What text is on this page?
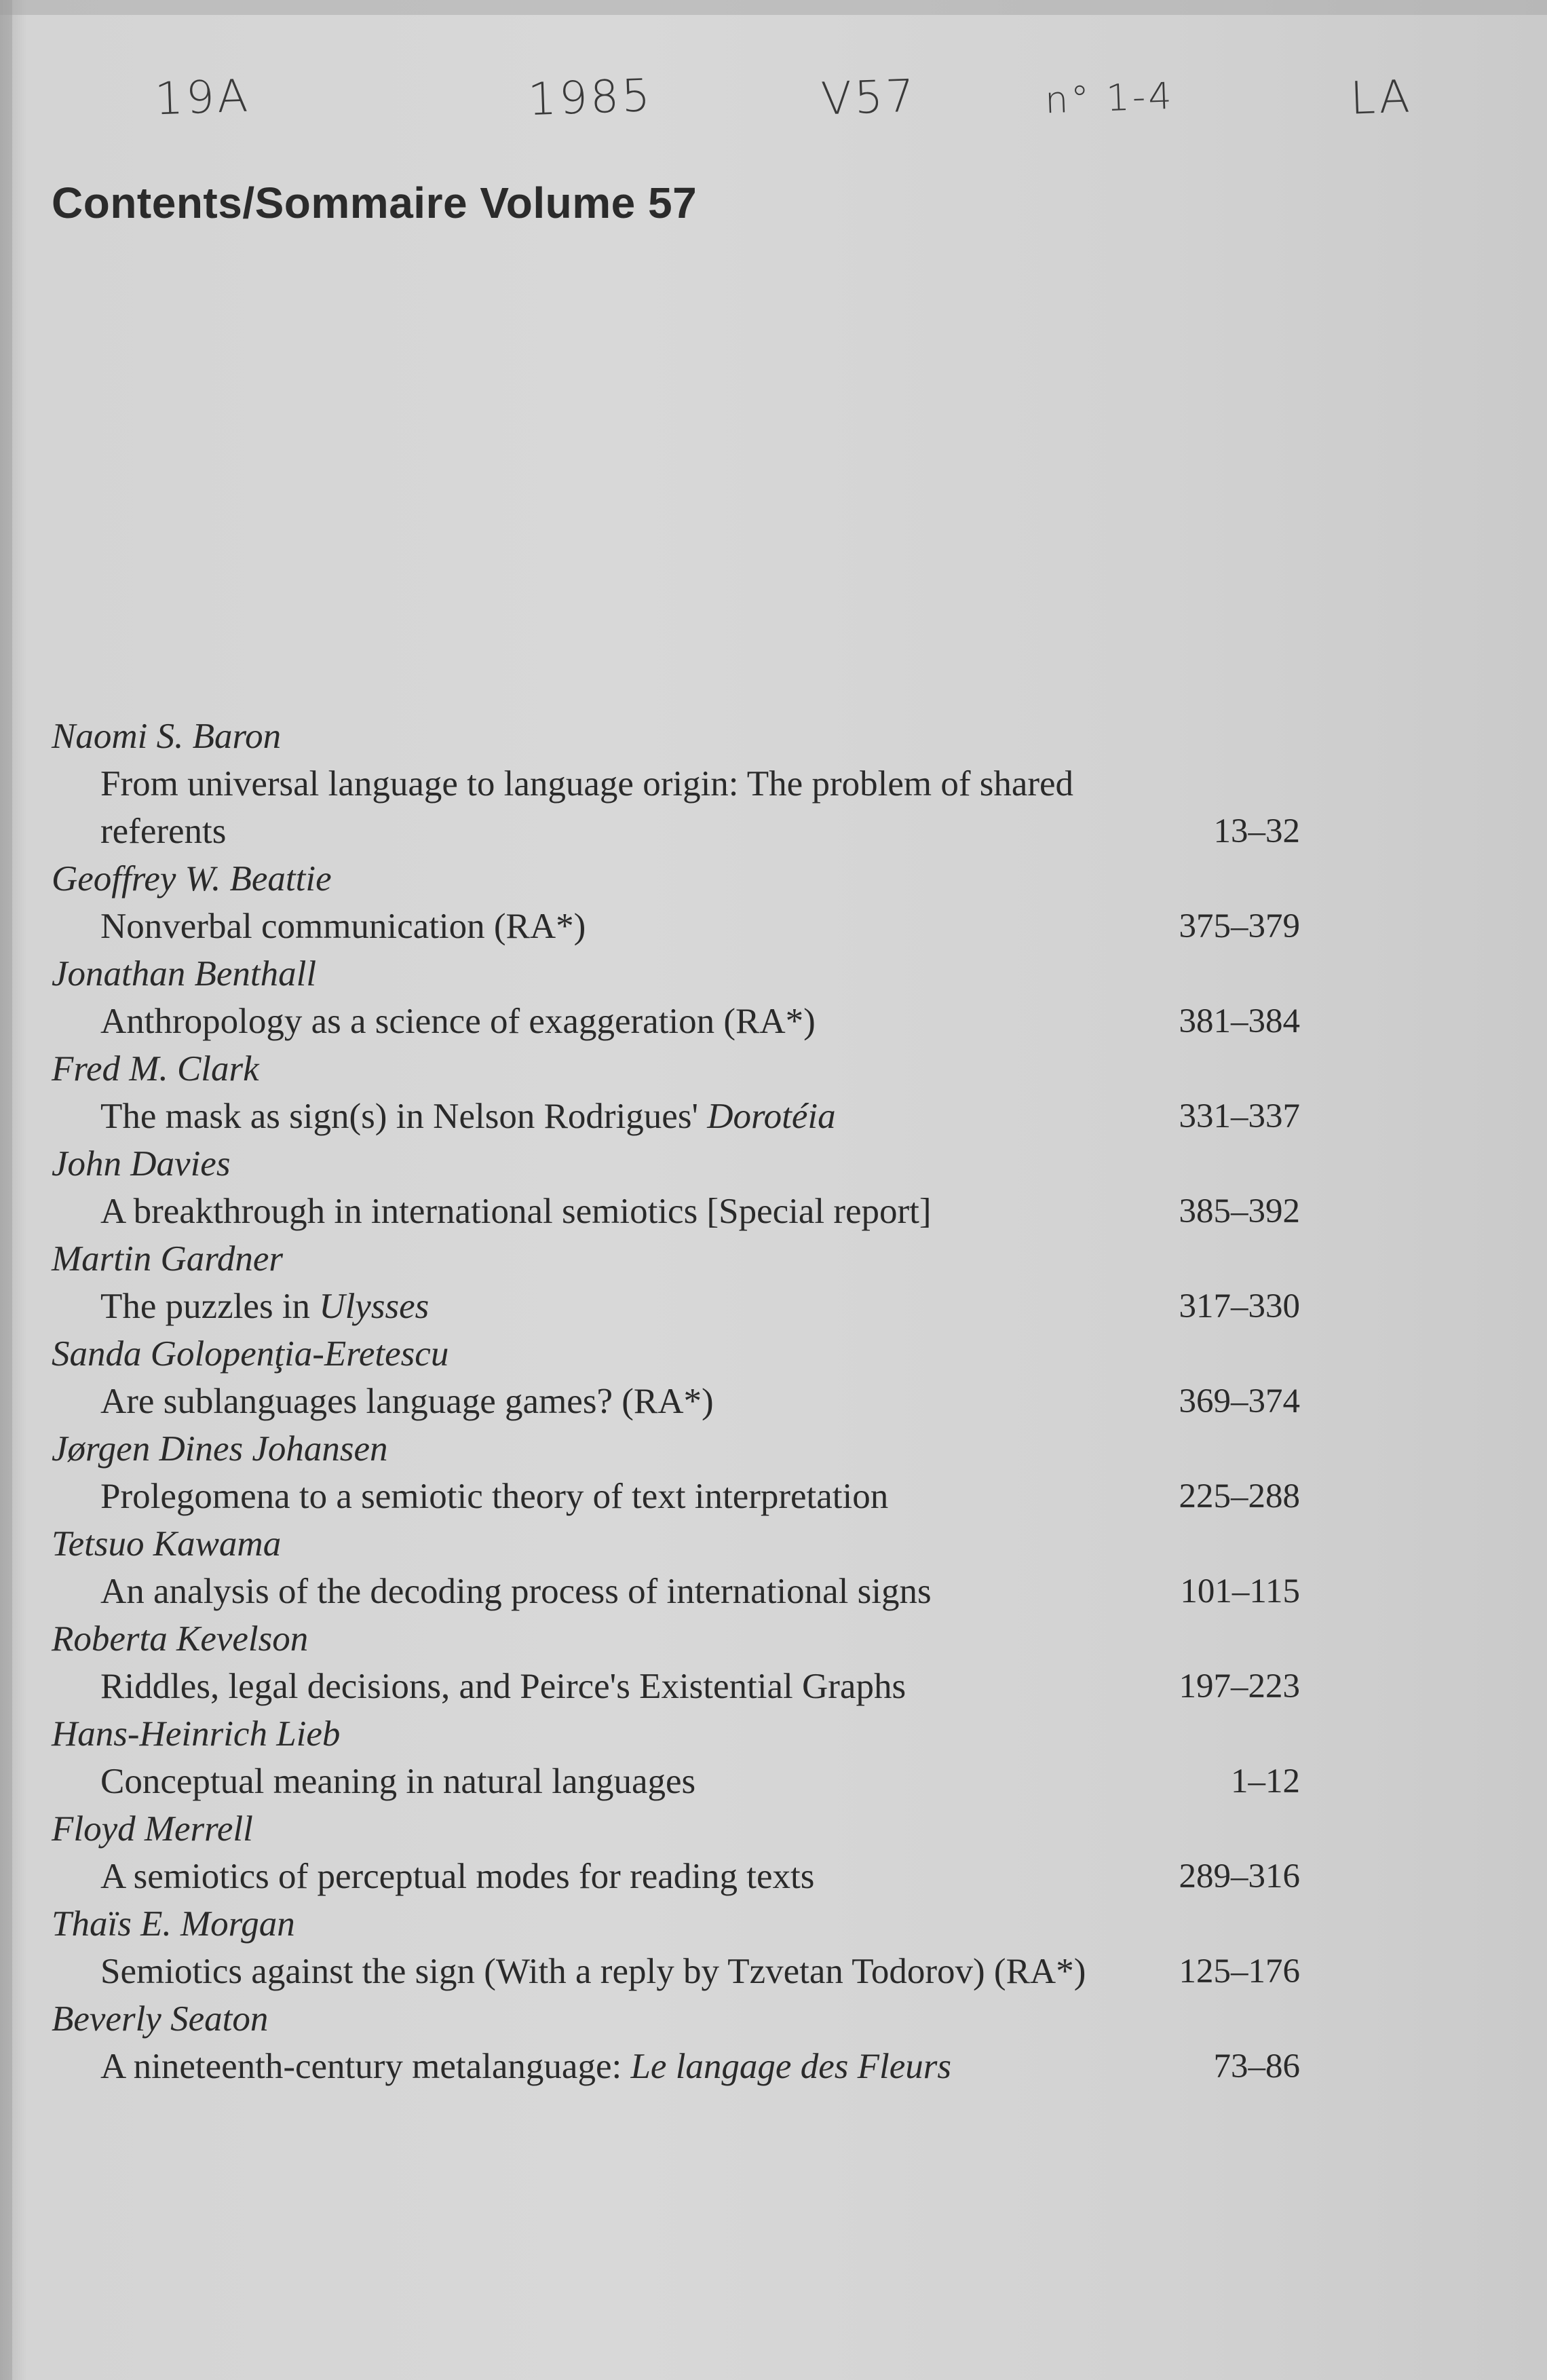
19A	1985	V57	n° 1-4	LA
Contents/Sommaire Volume 57
Naomi S. Baron
From universal language to language origin: The problem of shared referents	13–32
Geoffrey W. Beattie
Nonverbal communication (RA*)	375–379
Jonathan Benthall
Anthropology as a science of exaggeration (RA*)	381–384
Fred M. Clark
The mask as sign(s) in Nelson Rodrigues' Dorotéia	331–337
John Davies
A breakthrough in international semiotics [Special report]	385–392
Martin Gardner
The puzzles in Ulysses	317–330
Sanda Golopenţia-Eretescu
Are sublanguages language games? (RA*)	369–374
Jørgen Dines Johansen
Prolegomena to a semiotic theory of text interpretation	225–288
Tetsuo Kawama
An analysis of the decoding process of international signs	101–115
Roberta Kevelson
Riddles, legal decisions, and Peirce's Existential Graphs	197–223
Hans-Heinrich Lieb
Conceptual meaning in natural languages	1–12
Floyd Merrell
A semiotics of perceptual modes for reading texts	289–316
Thaïs E. Morgan
Semiotics against the sign (With a reply by Tzvetan Todorov) (RA*)	125–176
Beverly Seaton
A nineteenth-century metalanguage: Le langage des Fleurs	73–86
